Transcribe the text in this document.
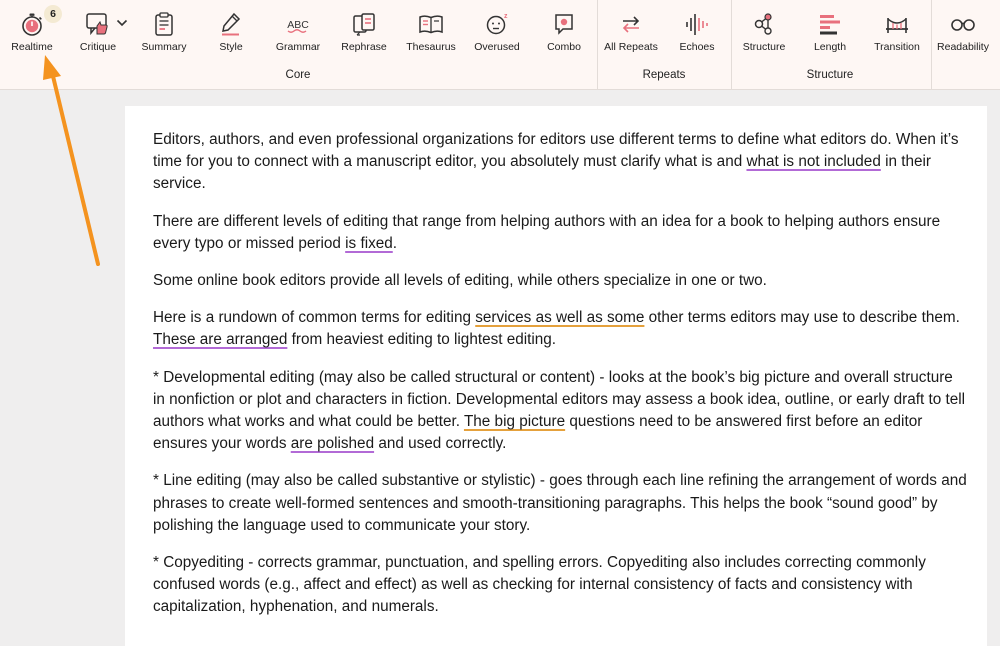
Realtime
6
Critique	Summary	Style
ABC
Grammar	Rephrase	Thesaurus
z
Overused	Combo	All Repeats	Echoes	Structure	Length	Transition	Readability
Core	Repeats	Structure

Editors, authors, and even professional organizations for editors use different terms to define what editors do. When it’s time for you to connect with a manuscript editor, you absolutely must clarify what is and what is not included in their service.

There are different levels of editing that range from helping authors with an idea for a book to helping authors ensure every typo or missed period is fixed.

Some online book editors provide all levels of editing, while others specialize in one or two.

Here is a rundown of common terms for editing services as well as some other terms editors may use to describe them. These are arranged from heaviest editing to lightest editing.

* Developmental editing (may also be called structural or content) - looks at the book’s big picture and overall structure in nonfiction or plot and characters in fiction. Developmental editors may assess a book idea, outline, or early draft to tell authors what works and what could be better. The big picture questions need to be answered first before an editor ensures your words are polished and used correctly.

* Line editing (may also be called substantive or stylistic) - goes through each line refining the arrangement of words and phrases to create well-formed sentences and smooth-transitioning paragraphs. This helps the book “sound good” by polishing the language used to communicate your story.

* Copyediting - corrects grammar, punctuation, and spelling errors. Copyediting also includes correcting commonly confused words (e.g., affect and effect) as well as checking for internal consistency of facts and consistency with capitalization, hyphenation, and numerals.
